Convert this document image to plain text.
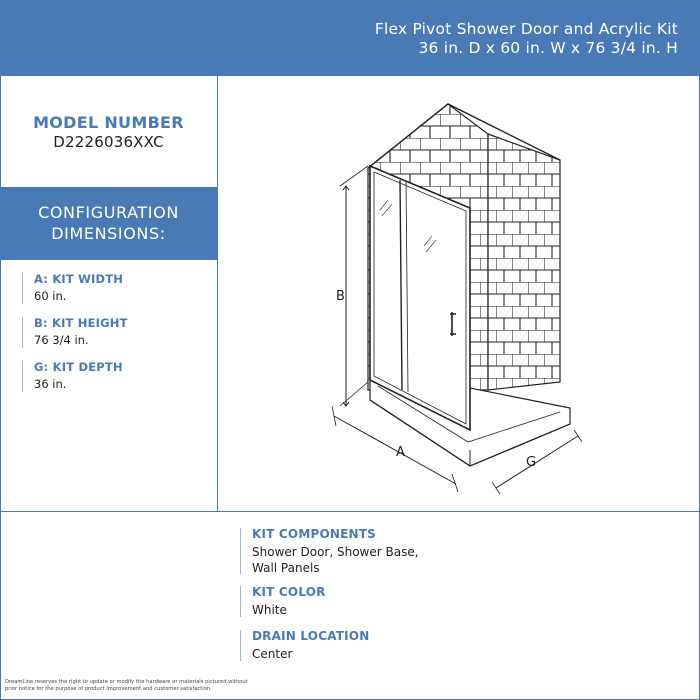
Flex Pivot Shower Door and Acrylic Kit
36 in. D x 60 in. W x 76 3/4 in. H
MODEL NUMBER
D2226036XXC
CONFIGURATION
DIMENSIONS:
A: KIT WIDTH
60 in.
B: KIT HEIGHT
76 3/4 in.
G: KIT DEPTH
36 in.
B
A
G
KIT COMPONENTS
Shower Door, Shower Base,
Wall Panels
KIT COLOR
White
DRAIN LOCATION
Center
DreamLine reserves the right to update or modify the hardware or materials pictured without
prior notice for the purpose of product improvement and customer satisfaction.
